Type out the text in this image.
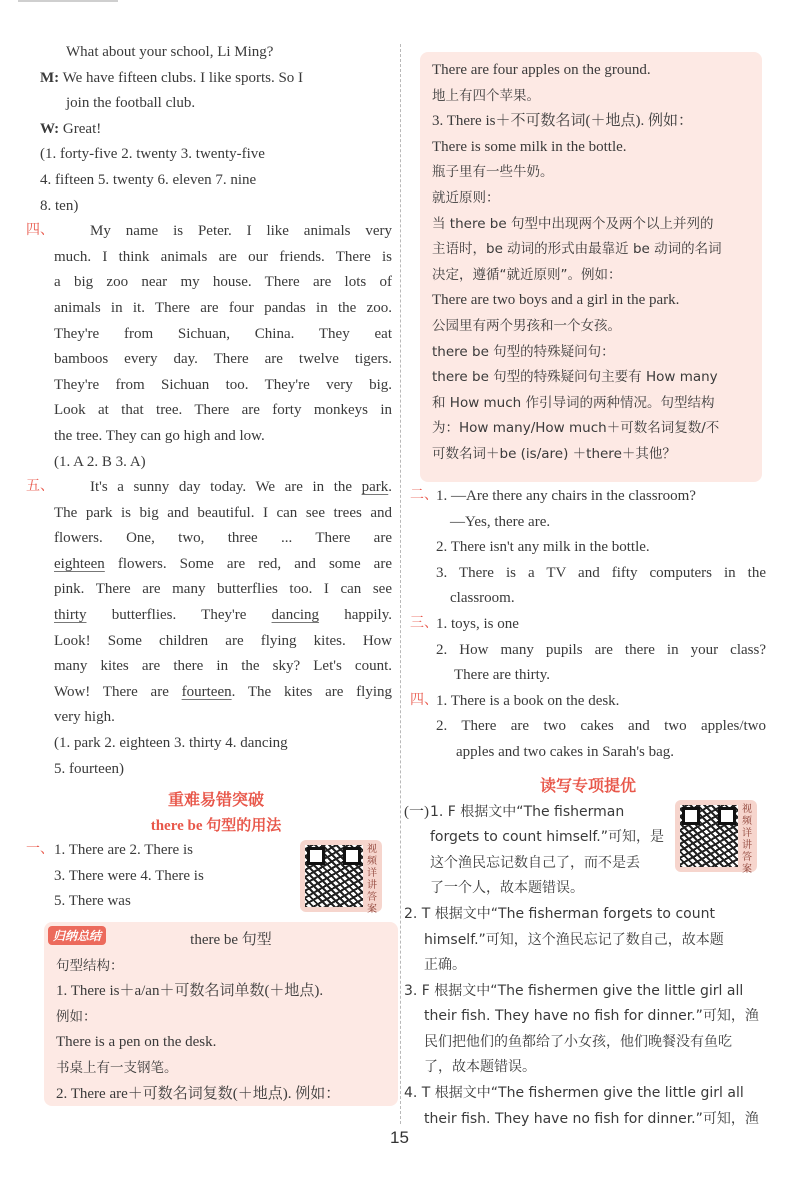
What about your school, Li Ming?
M: We have fifteen clubs. I like sports. So I
join the football club.
W: Great!
(1. forty-five 2. twenty 3. twenty-five
4. fifteen 5. twenty 6. eleven 7. nine
8. ten)
四、	My name is Peter. I like animals very
much. I think animals are our friends. There is
a big zoo near my house. There are lots of
animals in it. There are four pandas in the zoo.
They're from Sichuan, China. They eat
bamboos every day. There are twelve tigers.
They're from Sichuan too. They're very big.
Look at that tree. There are forty monkeys in
the tree. They can go high and low.
(1. A 2. B 3. A)
五、	It's a sunny day today. We are in the park.
The park is big and beautiful. I can see trees and
flowers. One, two, three ... There are
eighteen flowers. Some are red, and some are
pink. There are many butterflies too. I can see
thirty butterflies. They're dancing happily.
Look! Some children are flying kites. How
many kites are there in the sky? Let's count.
Wow! There are fourteen. The kites are flying
very high.
(1. park 2. eighteen 3. thirty 4. dancing
5. fourteen)
重难易错突破
there be 句型的用法
一、 1. There are 2. There is
3. There were 4. There is
5. There was
视频详讲答案
归纳总结	there be 句型
句型结构：
1. There is＋a/an＋可数名词单数(＋地点).
例如：
There is a pen on the desk.
书桌上有一支钢笔。
2. There are＋可数名词复数(＋地点). 例如：
There are four apples on the ground.
地上有四个苹果。
3. There is＋不可数名词(＋地点). 例如：
There is some milk in the bottle.
瓶子里有一些牛奶。
就近原则：
当 there be 句型中出现两个及两个以上并列的
主语时，be 动词的形式由最靠近 be 动词的名词
决定，遵循“就近原则”。例如：
There are two boys and a girl in the park.
公园里有两个男孩和一个女孩。
there be 句型的特殊疑问句：
there be 句型的特殊疑问句主要有 How many
和 How much 作引导词的两种情况。句型结构
为：How many/How much＋可数名词复数/不
可数名词＋be (is/are) ＋there＋其他？
二、
1. —Are there any chairs in the classroom?
—Yes, there are.
2. There isn't any milk in the bottle.
3. There is a TV and fifty computers in the
classroom.
三、
1. toys, is one
2. How many pupils are there in your class?
There are thirty.
四、
1. There is a book on the desk.
2. There are two cakes and two apples/two
apples and two cakes in Sarah's bag.
读写专项提优
(一) 1. F 根据文中“The fisherman
forgets to count himself.”可知，是
这个渔民忘记数自己了，而不是丢
了一个人，故本题错误。
2. T 根据文中“The fisherman forgets to count
himself.”可知，这个渔民忘记了数自己，故本题
正确。
3. F 根据文中“The fishermen give the little girl all
their fish. They have no fish for dinner.”可知，渔
民们把他们的鱼都给了小女孩，他们晚餐没有鱼吃
了，故本题错误。
4. T 根据文中“The fishermen give the little girl all
their fish. They have no fish for dinner.”可知，渔
视频详讲答案
15
